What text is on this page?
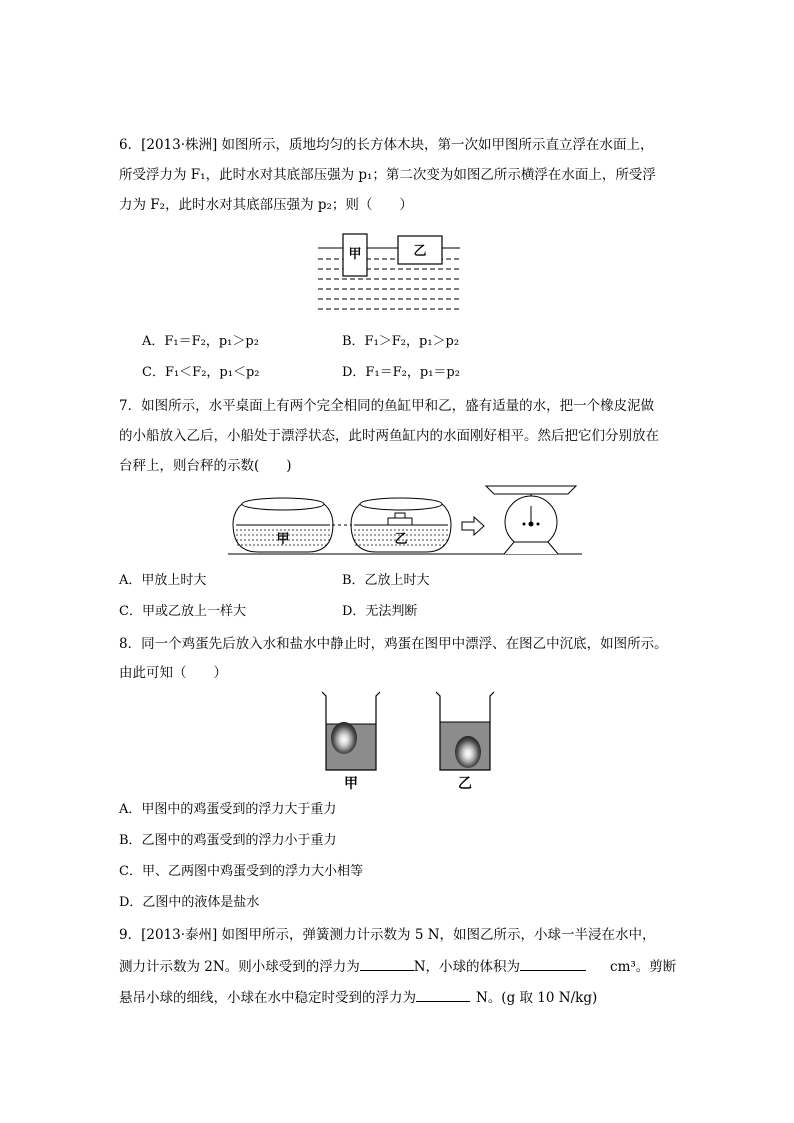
6．[2013·株洲] 如图所示，质地均匀的长方体木块，第一次如甲图所示直立浮在水面上，
所受浮力为 F₁，此时水对其底部压强为 p₁；第二次变为如图乙所示横浮在水面上，所受浮
力为 F₂，此时水对其底部压强为 p₂；则（　　）
甲	乙
A．F₁＝F₂，p₁＞p₂	B．F₁＞F₂，p₁＞p₂
C．F₁＜F₂，p₁＜p₂	D．F₁＝F₂，p₁＝p₂
7．如图所示，水平桌面上有两个完全相同的鱼缸甲和乙，盛有适量的水，把一个橡皮泥做
的小船放入乙后，小船处于漂浮状态，此时两鱼缸内的水面刚好相平。然后把它们分别放在
台秤上，则台秤的示数(　　)
甲	乙
A．甲放上时大	B．乙放上时大
C．甲或乙放上一样大	D．无法判断
8．同一个鸡蛋先后放入水和盐水中静止时，鸡蛋在图甲中漂浮、在图乙中沉底，如图所示。
由此可知（　　）
甲	乙
A．甲图中的鸡蛋受到的浮力大于重力
B．乙图中的鸡蛋受到的浮力小于重力
C．甲、乙两图中鸡蛋受到的浮力大小相等
D．乙图中的液体是盐水
9．[2013·泰州] 如图甲所示，弹簧测力计示数为 5 N，如图乙所示，小球一半浸在水中，
测力计示数为 2N。则小球受到的浮力为	N，小球的体积为	cm³。剪断
悬吊小球的细线，小球在水中稳定时受到的浮力为	N。(g 取 10 N/kg)
